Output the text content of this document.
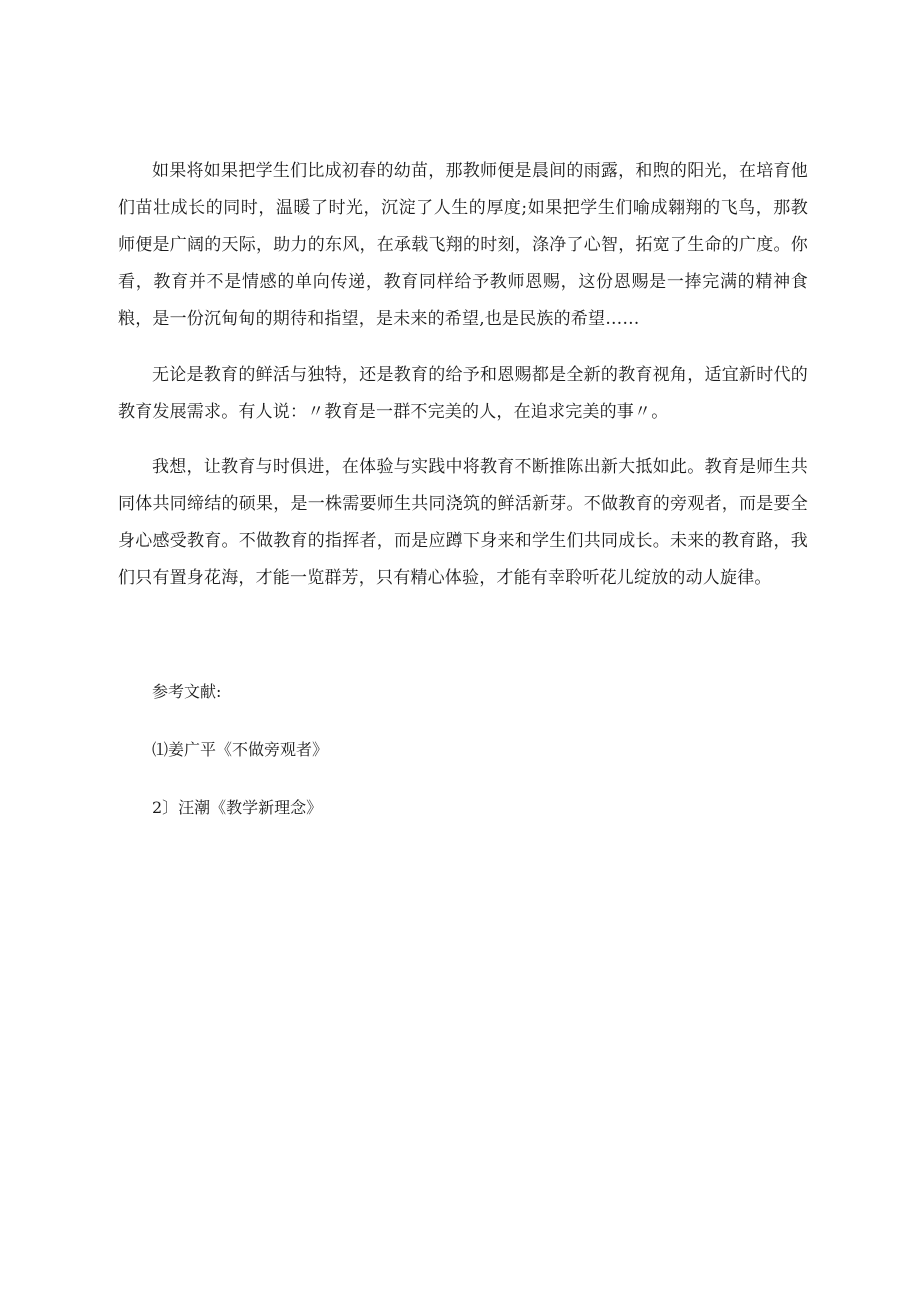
如果将如果把学生们比成初春的幼苗，那教师便是晨间的雨露，和煦的阳光，在培育他们苗壮成长的同时，温暖了时光，沉淀了人生的厚度;如果把学生们喻成翱翔的飞鸟，那教师便是广阔的天际，助力的东风，在承载飞翔的时刻，涤净了心智，拓宽了生命的广度。你看，教育并不是情感的单向传递，教育同样给予教师恩赐，这份恩赐是一捧完满的精神食粮，是一份沉甸甸的期待和指望，是未来的希望,也是民族的希望……

无论是教育的鲜活与独特，还是教育的给予和恩赐都是全新的教育视角，适宜新时代的教育发展需求。有人说：〃教育是一群不完美的人，在追求完美的事〃。

我想，让教育与时俱进，在体验与实践中将教育不断推陈出新大抵如此。教育是师生共同体共同缔结的硕果，是一株需要师生共同浇筑的鲜活新芽。不做教育的旁观者，而是要全身心感受教育。不做教育的指挥者，而是应蹲下身来和学生们共同成长。未来的教育路，我们只有置身花海，才能一览群芳，只有精心体验，才能有幸聆听花儿绽放的动人旋律。

参考文献:

⑴姜广平《不做旁观者》

2〕汪潮《教学新理念》
